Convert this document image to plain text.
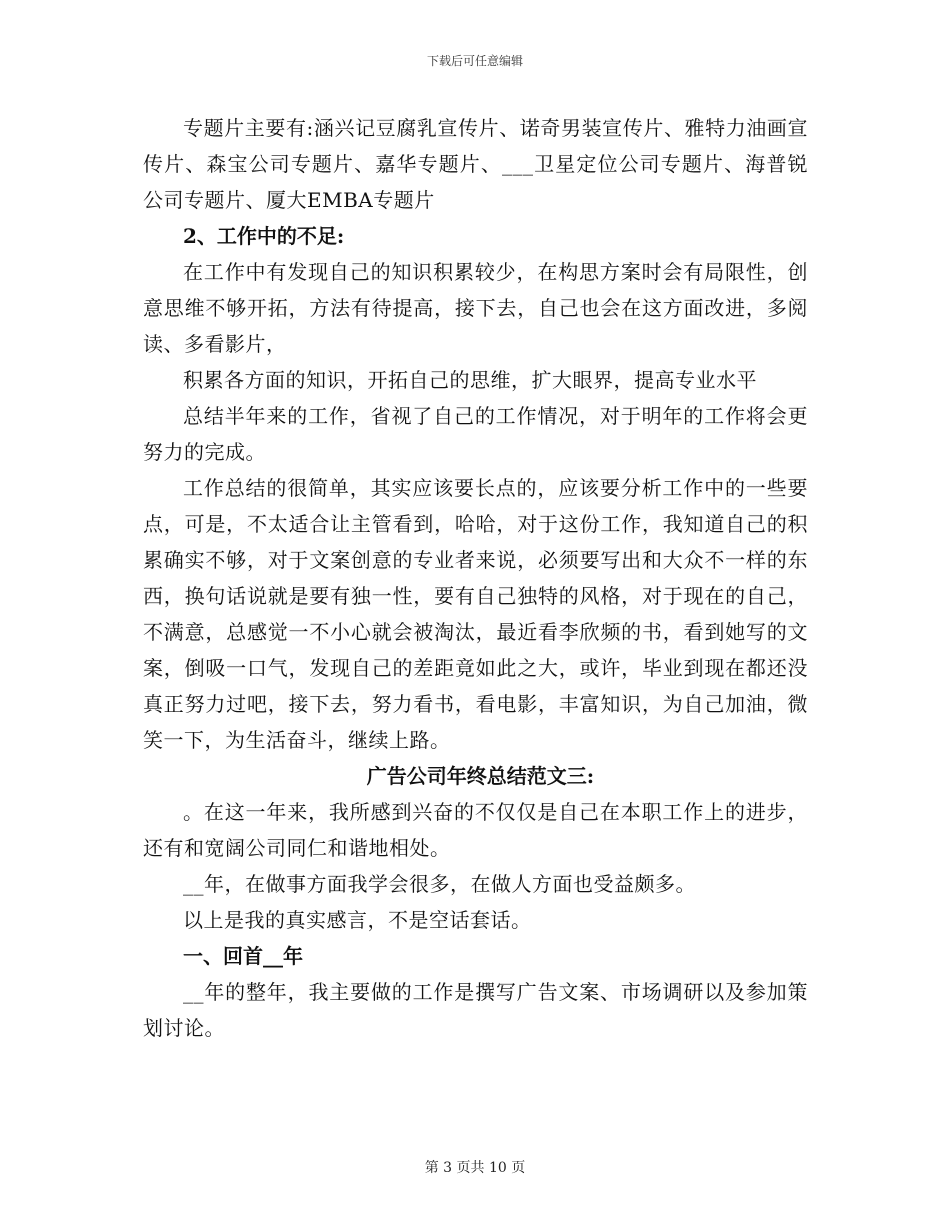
下载后可任意编辑

专题片主要有:涵兴记豆腐乳宣传片、诺奇男装宣传片、雅特力油画宣传片、森宝公司专题片、嘉华专题片、___卫星定位公司专题片、海普锐公司专题片、厦大EMBA专题片

2、工作中的不足:

在工作中有发现自己的知识积累较少，在构思方案时会有局限性，创意思维不够开拓，方法有待提高，接下去，自己也会在这方面改进，多阅读、多看影片，

积累各方面的知识，开拓自己的思维，扩大眼界，提高专业水平

总结半年来的工作，省视了自己的工作情况，对于明年的工作将会更努力的完成。

工作总结的很简单，其实应该要长点的，应该要分析工作中的一些要点，可是，不太适合让主管看到，哈哈，对于这份工作，我知道自己的积累确实不够，对于文案创意的专业者来说，必须要写出和大众不一样的东西，换句话说就是要有独一性，要有自己独特的风格，对于现在的自己，不满意，总感觉一不小心就会被淘汰，最近看李欣频的书，看到她写的文案，倒吸一口气，发现自己的差距竟如此之大，或许，毕业到现在都还没真正努力过吧，接下去，努力看书，看电影，丰富知识，为自己加油，微笑一下，为生活奋斗，继续上路。

广告公司年终总结范文三:

。在这一年来，我所感到兴奋的不仅仅是自己在本职工作上的进步，还有和宽阔公司同仁和谐地相处。

__年，在做事方面我学会很多，在做人方面也受益颇多。

以上是我的真实感言，不是空话套话。

一、回首__年

__年的整年，我主要做的工作是撰写广告文案、市场调研以及参加策划讨论。

第 3 页共 10 页
